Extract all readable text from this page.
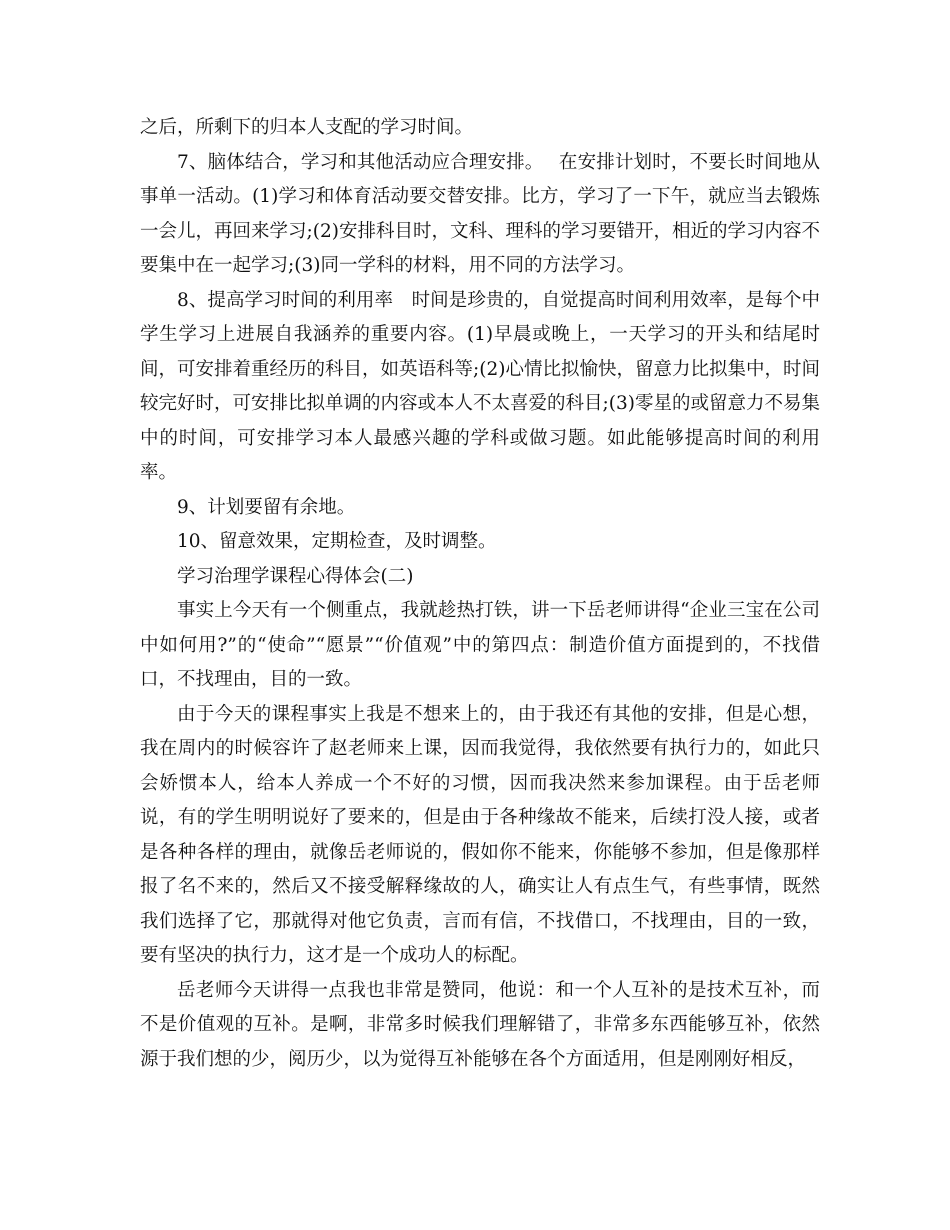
之后，所剩下的归本人支配的学习时间。

7、脑体结合，学习和其他活动应合理安排。　 在安排计划时，不要长时间地从事单一活动。(1)学习和体育活动要交替安排。比方，学习了一下午，就应当去锻炼一会儿，再回来学习;(2)安排科目时，文科、理科的学习要错开，相近的学习内容不要集中在一起学习;(3)同一学科的材料，用不同的方法学习。

8、提高学习时间的利用率　时间是珍贵的，自觉提高时间利用效率，是每个中学生学习上进展自我涵养的重要内容。(1)早晨或晚上，一天学习的开头和结尾时间，可安排着重经历的科目，如英语科等;(2)心情比拟愉快，留意力比拟集中，时间较完好时，可安排比拟单调的内容或本人不太喜爱的科目;(3)零星的或留意力不易集中的时间，可安排学习本人最感兴趣的学科或做习题。如此能够提高时间的利用率。

9、计划要留有余地。

10、留意效果，定期检查，及时调整。

学习治理学课程心得体会(二)

事实上今天有一个侧重点，我就趁热打铁，讲一下岳老师讲得“企业三宝在公司中如何用?”的“使命”“愿景”“价值观”中的第四点：制造价值方面提到的，不找借口，不找理由，目的一致。

由于今天的课程事实上我是不想来上的，由于我还有其他的安排，但是心想，我在周内的时候容许了赵老师来上课，因而我觉得，我依然要有执行力的，如此只会娇惯本人，给本人养成一个不好的习惯，因而我决然来参加课程。由于岳老师说，有的学生明明说好了要来的，但是由于各种缘故不能来，后续打没人接，或者是各种各样的理由，就像岳老师说的，假如你不能来，你能够不参加，但是像那样报了名不来的，然后又不接受解释缘故的人，确实让人有点生气，有些事情，既然我们选择了它，那就得对他它负责，言而有信，不找借口，不找理由，目的一致，要有坚决的执行力，这才是一个成功人的标配。

岳老师今天讲得一点我也非常是赞同，他说：和一个人互补的是技术互补，而不是价值观的互补。是啊，非常多时候我们理解错了，非常多东西能够互补，依然源于我们想的少，阅历少，以为觉得互补能够在各个方面适用，但是刚刚好相反，
